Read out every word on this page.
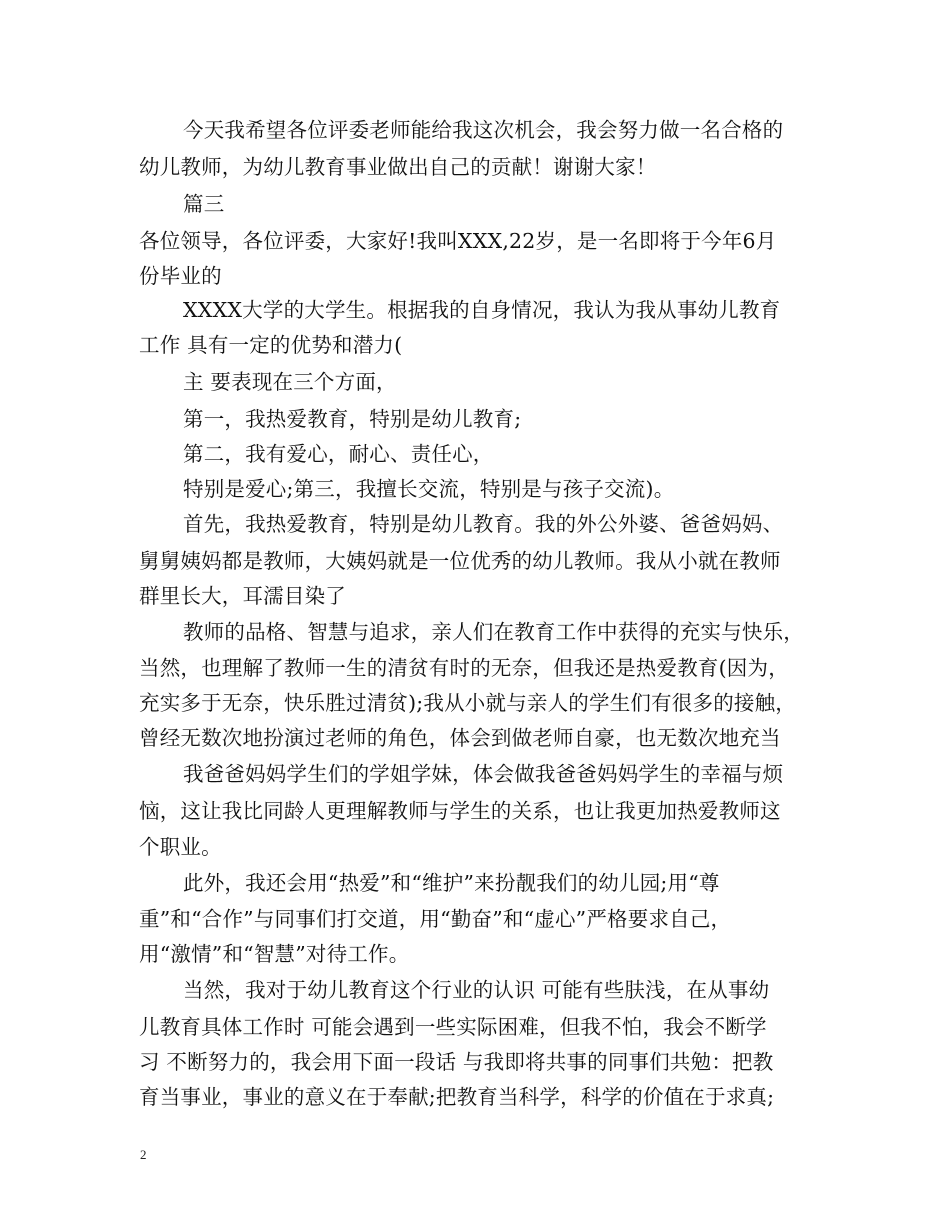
今天我希望各位评委老师能给我这次机会，我会努力做一名合格的
幼儿教师，为幼儿教育事业做出自己的贡献！谢谢大家！
篇三
各位领导，各位评委，大家好!我叫XXX,22岁，是一名即将于今年6月
份毕业的
XXXX大学的大学生。根据我的自身情况，我认为我从事幼儿教育
工作 具有一定的优势和潜力(
主 要表现在三个方面，
第一，我热爱教育，特别是幼儿教育;
第二，我有爱心，耐心、责任心，
特别是爱心;第三，我擅长交流，特别是与孩子交流)。
首先，我热爱教育，特别是幼儿教育。我的外公外婆、爸爸妈妈、
舅舅姨妈都是教师，大姨妈就是一位优秀的幼儿教师。我从小就在教师
群里长大，耳濡目染了
教师的品格、智慧与追求，亲人们在教育工作中获得的充实与快乐，
当然，也理解了教师一生的清贫有时的无奈，但我还是热爱教育(因为，
充实多于无奈，快乐胜过清贫);我从小就与亲人的学生们有很多的接触，
曾经无数次地扮演过老师的角色，体会到做老师自豪，也无数次地充当
我爸爸妈妈学生们的学姐学妹，体会做我爸爸妈妈学生的幸福与烦
恼，这让我比同龄人更理解教师与学生的关系，也让我更加热爱教师这
个职业。
此外，我还会用“热爱”和“维护”来扮靓我们的幼儿园;用“尊
重”和“合作”与同事们打交道，用“勤奋”和“虚心”严格要求自己，
用“激情”和“智慧”对待工作。
当然，我对于幼儿教育这个行业的认识 可能有些肤浅，在从事幼
儿教育具体工作时 可能会遇到一些实际困难，但我不怕，我会不断学
习 不断努力的，我会用下面一段话 与我即将共事的同事们共勉：把教
育当事业，事业的意义在于奉献;把教育当科学，科学的价值在于求真;
2
